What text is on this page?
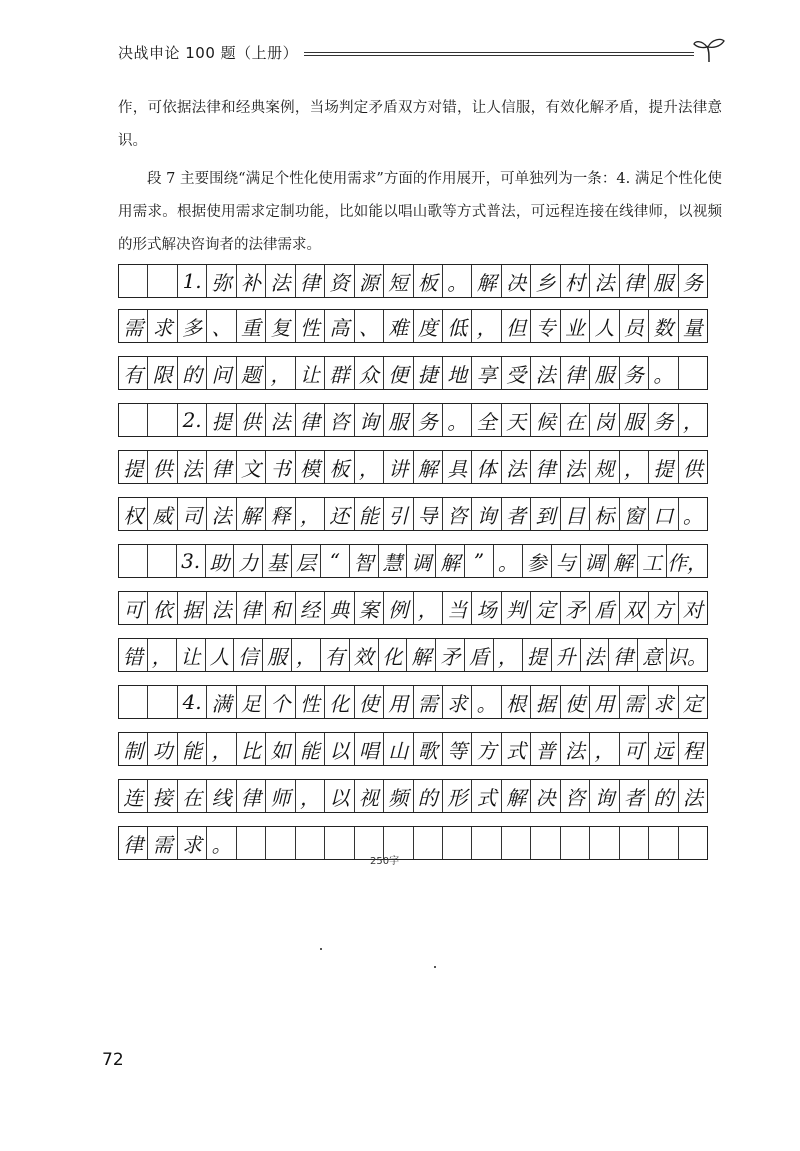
决战申论 100 题（上册）

作，可依据法律和经典案例，当场判定矛盾双方对错，让人信服，有效化解矛盾，提升法律意识。

段 7 主要围绕“满足个性化使用需求”方面的作用展开，可单独列为一条：4. 满足个性化使用需求。根据使用需求定制功能，比如能以唱山歌等方式普法，可远程连接在线律师，以视频的形式解决咨询者的法律需求。

1. 弥 补 法 律 资 源 短 板 。 解 决 乡 村 法 律 服 务
需 求 多 、 重 复 性 高 、 难 度 低 ， 但 专 业 人 员 数 量
有 限 的 问 题 ， 让 群 众 便 捷 地 享 受 法 律 服 务 。
2. 提 供 法 律 咨 询 服 务 。 全 天 候 在 岗 服 务 ，
提 供 法 律 文 书 模 板 ， 讲 解 具 体 法 律 法 规 ， 提 供
权 威 司 法 解 释 ， 还 能 引 导 咨 询 者 到 目 标 窗 口 。
3. 助 力 基 层 “ 智 慧 调 解 ” 。 参 与 调 解 工 作，
可 依 据 法 律 和 经 典 案 例 ， 当 场 判 定 矛 盾 双 方 对
错 ， 让 人 信 服 ， 有 效 化 解 矛 盾 ， 提 升 法 律 意 识。
4. 满 足 个 性 化 使 用 需 求 。 根 据 使 用 需 求 定
制 功 能 ， 比 如 能 以 唱 山 歌 等 方 式 普 法 ， 可 远 程
连 接 在 线 律 师 ， 以 视 频 的 形 式 解 决 咨 询 者 的 法
律 需 求 。
250字
72
